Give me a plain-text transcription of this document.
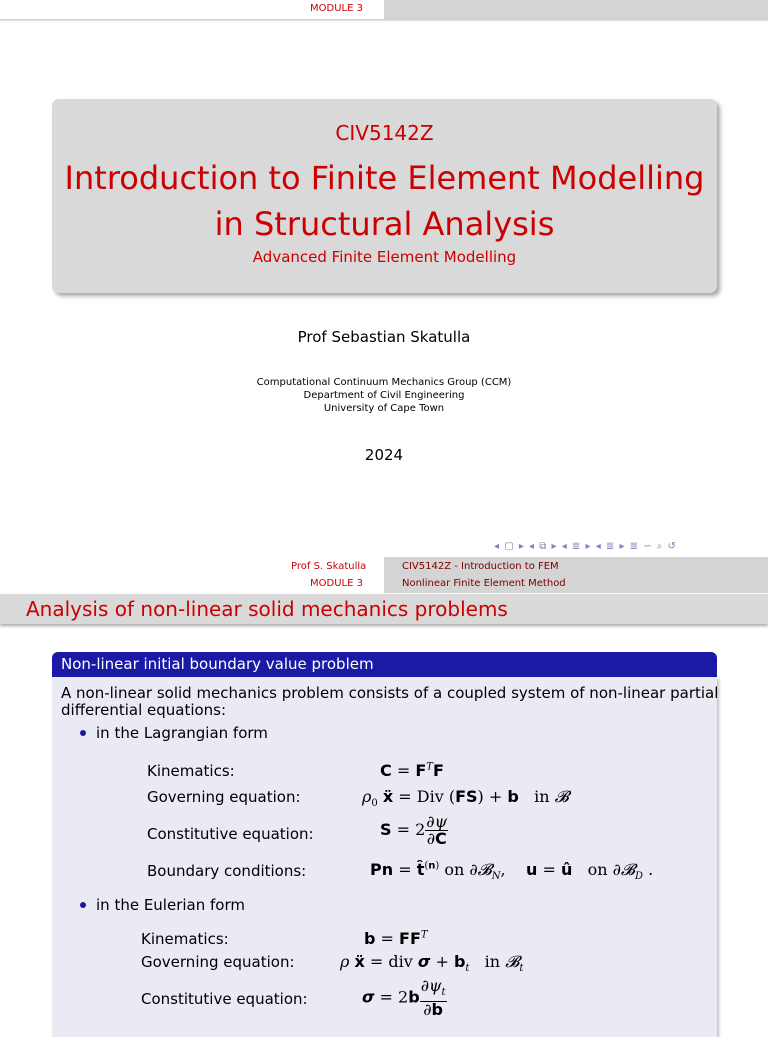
MODULE 3
CIV5142Z
Introduction to Finite Element Modelling
in Structural Analysis
Advanced Finite Element Modelling
Prof Sebastian Skatulla
Computational Continuum Mechanics Group (CCM)
Department of Civil Engineering
University of Cape Town
2024
◂ ▢ ▸ ◂ ⧉ ▸ ◂ ≣ ▸ ◂ ≣ ▸ ≣ ∽ ⌕ ↺
Prof S. Skatulla
MODULE 3
CIV5142Z - Introduction to FEM
Nonlinear Finite Element Method
Analysis of non-linear solid mechanics problems
Non-linear initial boundary value problem
A non-linear solid mechanics problem consists of a coupled system of non-linear partial
differential equations:
in the Lagrangian form
Kinematics:	$C = F^TF$
Governing equation:	$\rho_0$ ẍ = Div (FS) + b   in 𝓑
Constitutive equation:	$S = 2 \frac{\partial\psi}{\partial C}$
Boundary conditions:	Pn = t̂$^{(n)}$ on ∂𝓑$_N$,    u = û   on ∂𝓑$_D$ .
in the Eulerian form
Kinematics:	$b = FF^T$
Governing equation:	ρ ẍ = div $\sigma + b_t$   in 𝓑$_t$
Constitutive equation:	$\sigma = 2b \frac{\partial\psi_t}{\partial b}$
